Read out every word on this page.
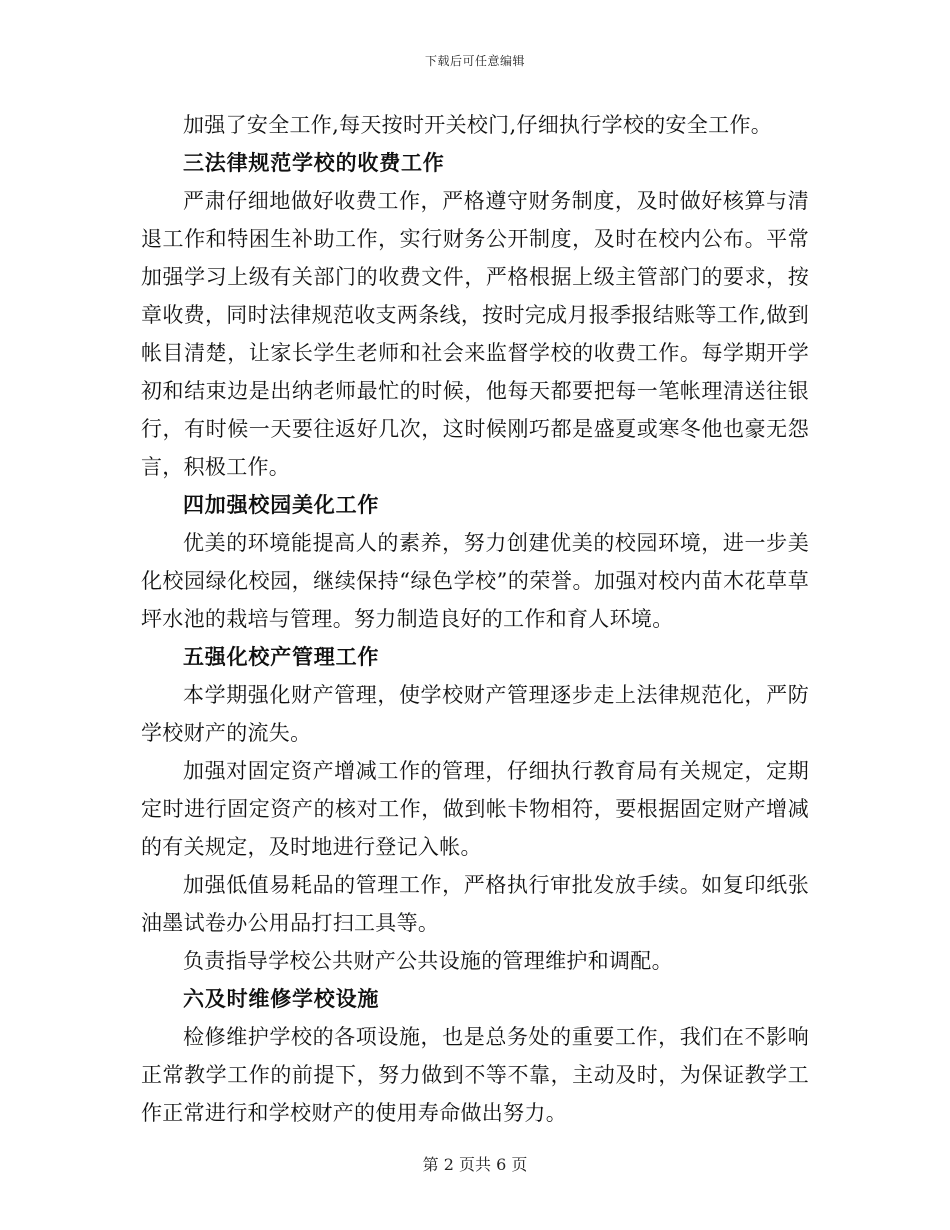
下载后可任意编辑

加强了安全工作,每天按时开关校门,仔细执行学校的安全工作。

三法律规范学校的收费工作

严肃仔细地做好收费工作，严格遵守财务制度，及时做好核算与清退工作和特困生补助工作，实行财务公开制度，及时在校内公布。平常加强学习上级有关部门的收费文件，严格根据上级主管部门的要求，按章收费，同时法律规范收支两条线，按时完成月报季报结账等工作,做到帐目清楚，让家长学生老师和社会来监督学校的收费工作。每学期开学初和结束边是出纳老师最忙的时候，他每天都要把每一笔帐理清送往银行，有时候一天要往返好几次，这时候刚巧都是盛夏或寒冬他也豪无怨言，积极工作。

四加强校园美化工作

优美的环境能提高人的素养，努力创建优美的校园环境，进一步美化校园绿化校园，继续保持“绿色学校”的荣誉。加强对校内苗木花草草坪水池的栽培与管理。努力制造良好的工作和育人环境。

五强化校产管理工作

本学期强化财产管理，使学校财产管理逐步走上法律规范化，严防学校财产的流失。

加强对固定资产增减工作的管理，仔细执行教育局有关规定，定期定时进行固定资产的核对工作，做到帐卡物相符，要根据固定财产增减的有关规定，及时地进行登记入帐。

加强低值易耗品的管理工作，严格执行审批发放手续。如复印纸张油墨试卷办公用品打扫工具等。

负责指导学校公共财产公共设施的管理维护和调配。

六及时维修学校设施

检修维护学校的各项设施，也是总务处的重要工作，我们在不影响正常教学工作的前提下，努力做到不等不靠，主动及时，为保证教学工作正常进行和学校财产的使用寿命做出努力。

第 2 页共 6 页
